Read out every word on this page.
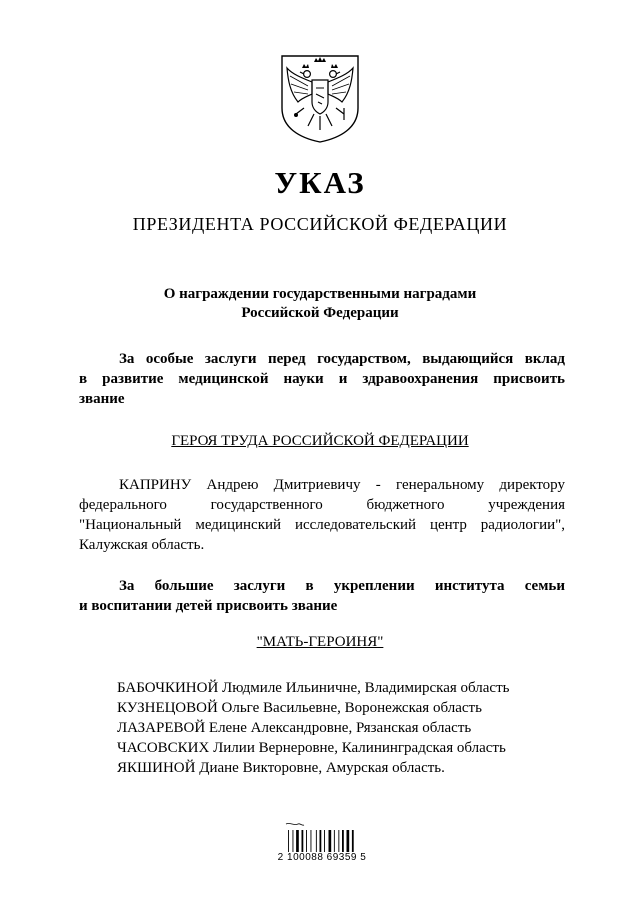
УКАЗ
ПРЕЗИДЕНТА РОССИЙСКОЙ ФЕДЕРАЦИИ
О награждении государственными наградами
Российской Федерации
За особые заслуги перед государством, выдающийся вклад
в развитие медицинской науки и здравоохранения присвоить
звание
ГЕРОЯ ТРУДА РОССИЙСКОЙ ФЕДЕРАЦИИ
КАПРИНУ Андрею Дмитриевичу - генеральному директору
федерального государственного бюджетного учреждения
"Национальный медицинский исследовательский центр радиологии",
Калужская область.
За большие заслуги в укреплении института семьи
и воспитании детей присвоить звание
"МАТЬ-ГЕРОИНЯ"
БАБОЧКИНОЙ Людмиле Ильиничне, Владимирская область
КУЗНЕЦОВОЙ Ольге Васильевне, Воронежская область
ЛАЗАРЕВОЙ Елене Александровне, Рязанская область
ЧАСОВСКИХ Лилии Вернеровне, Калининградская область
ЯКШИНОЙ Диане Викторовне, Амурская область.
2 100088 69359 5
